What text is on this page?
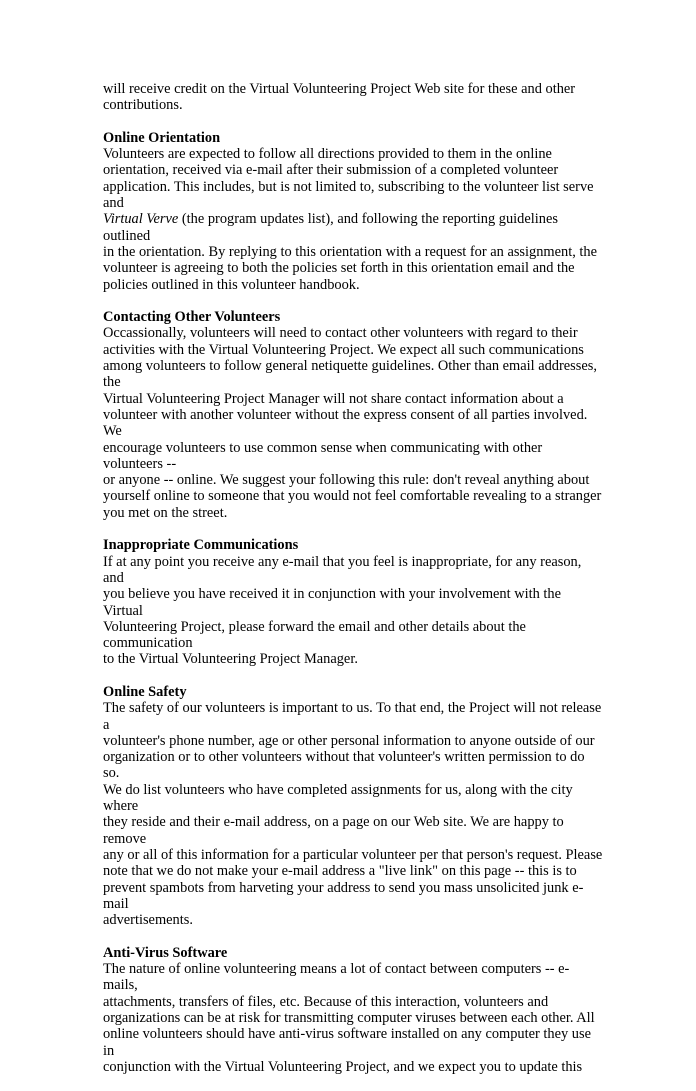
will receive credit on the Virtual Volunteering Project Web site for these and other
contributions.

Online Orientation

Volunteers are expected to follow all directions provided to them in the online
orientation, received via e-mail after their submission of a completed volunteer
application. This includes, but is not limited to, subscribing to the volunteer list serve and
Virtual Verve (the program updates list), and following the reporting guidelines outlined
in the orientation. By replying to this orientation with a request for an assignment, the
volunteer is agreeing to both the policies set forth in this orientation email and the
policies outlined in this volunteer handbook.

Contacting Other Volunteers

Occassionally, volunteers will need to contact other volunteers with regard to their
activities with the Virtual Volunteering Project. We expect all such communications
among volunteers to follow general netiquette guidelines. Other than email addresses, the
Virtual Volunteering Project Manager will not share contact information about a
volunteer with another volunteer without the express consent of all parties involved. We
encourage volunteers to use common sense when communicating with other volunteers --
or anyone -- online. We suggest your following this rule: don't reveal anything about
yourself online to someone that you would not feel comfortable revealing to a stranger
you met on the street.

Inappropriate Communications

If at any point you receive any e-mail that you feel is inappropriate, for any reason, and
you believe you have received it in conjunction with your involvement with the Virtual
Volunteering Project, please forward the email and other details about the communication
to the Virtual Volunteering Project Manager.

Online Safety

The safety of our volunteers is important to us. To that end, the Project will not release a
volunteer's phone number, age or other personal information to anyone outside of our
organization or to other volunteers without that volunteer's written permission to do so.
We do list volunteers who have completed assignments for us, along with the city where
they reside and their e-mail address, on a page on our Web site. We are happy to remove
any or all of this information for a particular volunteer per that person's request. Please
note that we do not make your e-mail address a "live link" on this page -- this is to
prevent spambots from harveting your address to send you mass unsolicited junk e-mail
advertisements.

Anti-Virus Software

The nature of online volunteering means a lot of contact between computers -- e-mails,
attachments, transfers of files, etc. Because of this interaction, volunteers and
organizations can be at risk for transmitting computer viruses between each other. All
online volunteers should have anti-virus software installed on any computer they use in
conjunction with the Virtual Volunteering Project, and we expect you to update this
